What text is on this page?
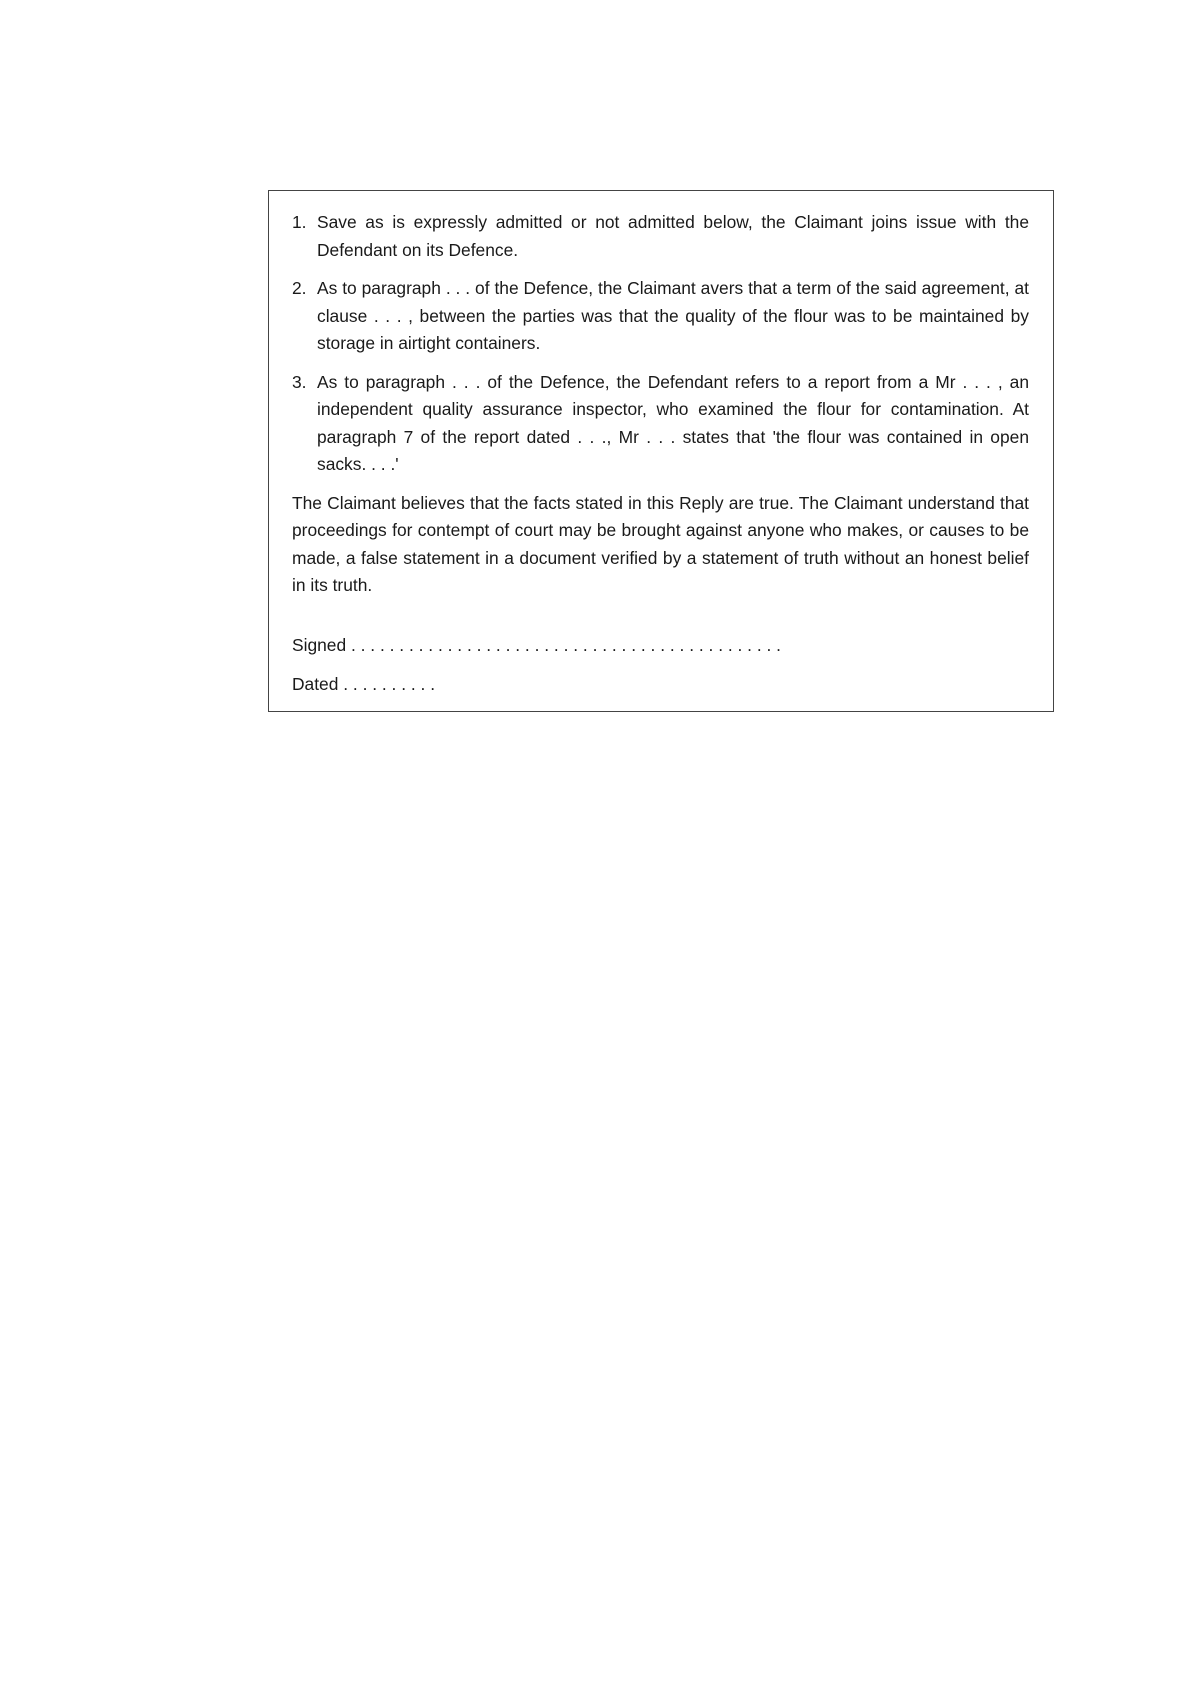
1. Save as is expressly admitted or not admitted below, the Claimant joins issue with the Defendant on its Defence.
2. As to paragraph . . . of the Defence, the Claimant avers that a term of the said agreement, at clause . . . , between the parties was that the quality of the flour was to be maintained by storage in airtight containers.
3. As to paragraph . . . of the Defence, the Defendant refers to a report from a Mr . . . , an independent quality assurance inspector, who examined the flour for contamination. At paragraph 7 of the report dated . . ., Mr . . . states that 'the flour was contained in open sacks. . . .'

The Claimant believes that the facts stated in this Reply are true. The Claimant understand that proceedings for contempt of court may be brought against anyone who makes, or causes to be made, a false statement in a document verified by a statement of truth without an honest belief in its truth.

Signed . . . . . . . . . . . . . . . . . . . . . . . . . . . . . . . . . . . . . . . . . . . . .

Dated . . . . . . . . . .
